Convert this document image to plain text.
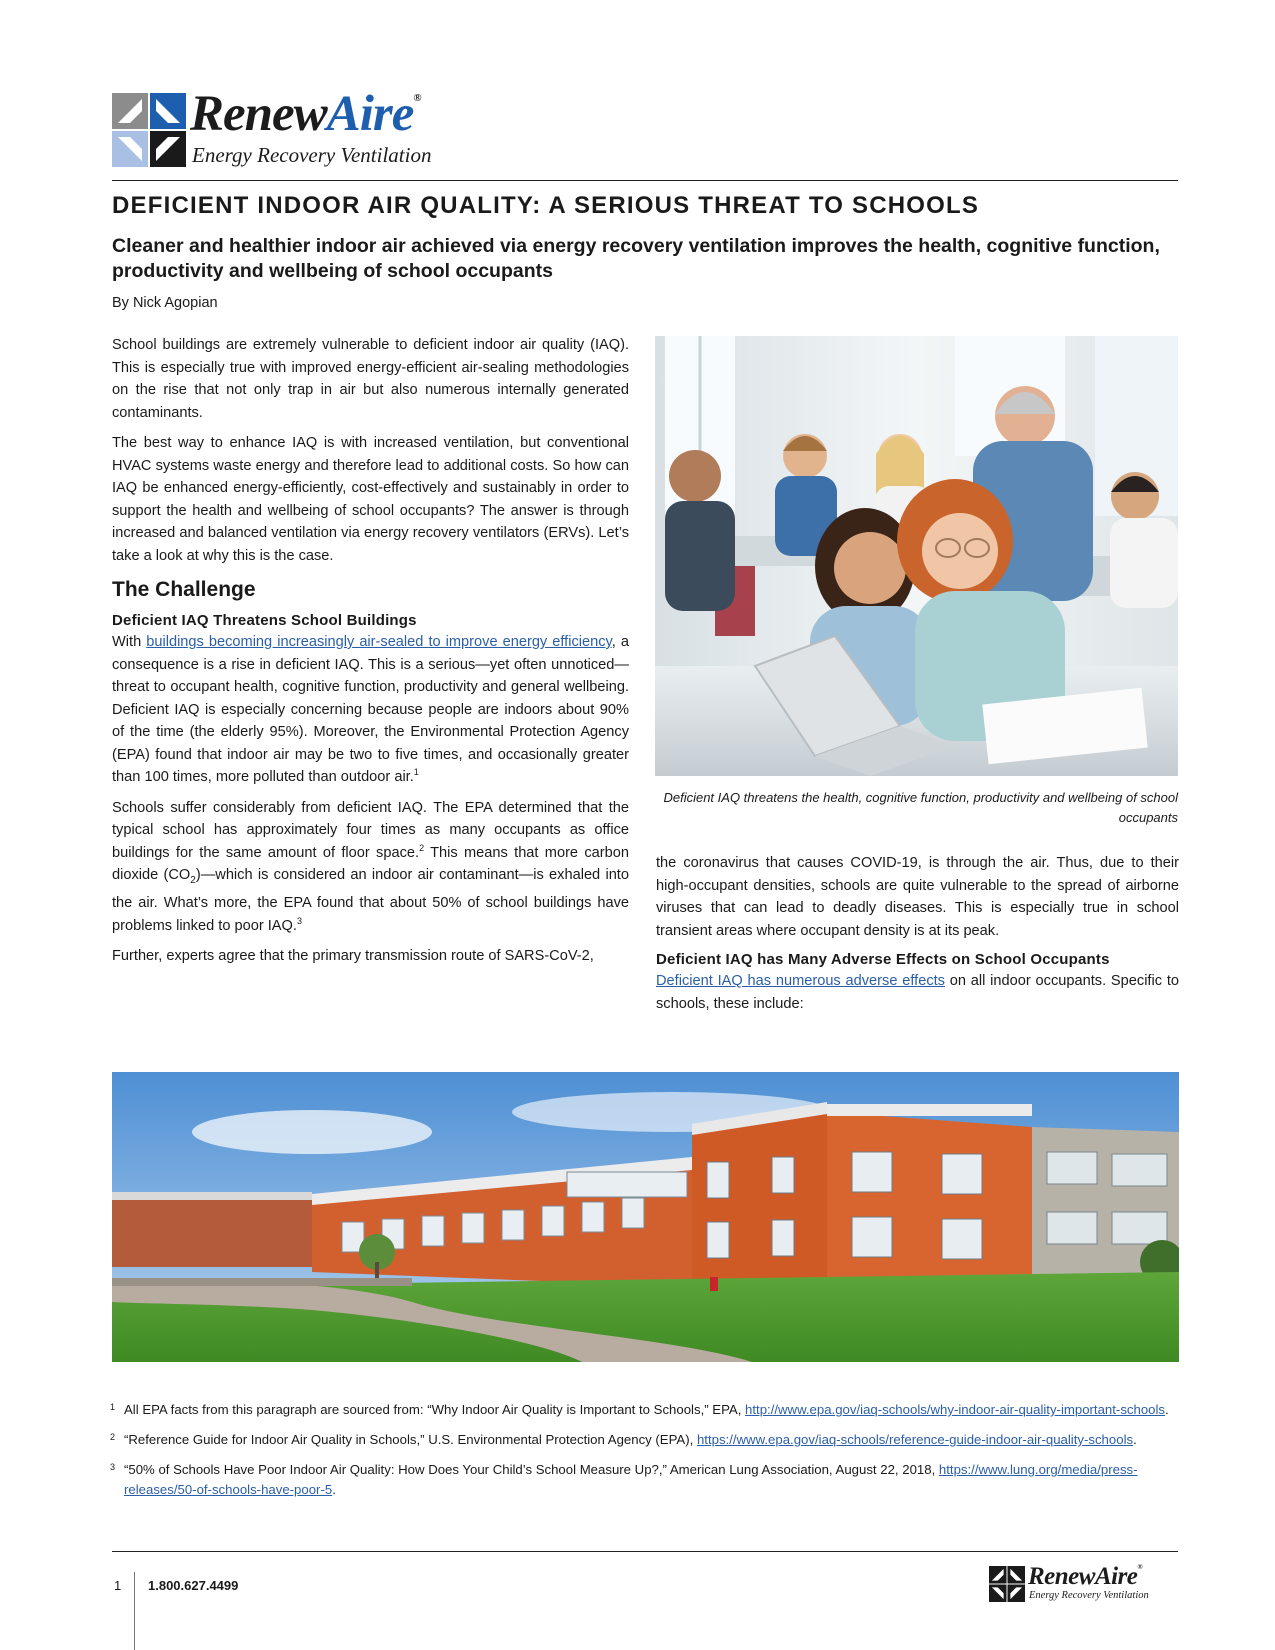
RenewAire®
Energy Recovery Ventilation
DEFICIENT INDOOR AIR QUALITY: A SERIOUS THREAT TO SCHOOLS
Cleaner and healthier indoor air achieved via energy recovery ventilation improves the health, cognitive function, productivity and wellbeing of school occupants
By Nick Agopian

School buildings are extremely vulnerable to deficient indoor air quality (IAQ). This is especially true with improved energy-efficient air-sealing methodologies on the rise that not only trap in air but also numerous internally generated contaminants.

The best way to enhance IAQ is with increased ventilation, but conventional HVAC systems waste energy and therefore lead to additional costs. So how can IAQ be enhanced energy-efficiently, cost-effectively and sustainably in order to support the health and wellbeing of school occupants? The answer is through increased and balanced ventilation via energy recovery ventilators (ERVs). Let’s take a look at why this is the case.

The Challenge
Deficient IAQ Threatens School Buildings

With buildings becoming increasingly air-sealed to improve energy efficiency, a consequence is a rise in deficient IAQ. This is a serious—yet often unnoticed—threat to occupant health, cognitive function, productivity and general wellbeing. Deficient IAQ is especially concerning because people are indoors about 90% of the time (the elderly 95%). Moreover, the Environmental Protection Agency (EPA) found that indoor air may be two to five times, and occasionally greater than 100 times, more polluted than outdoor air.$^1$

Schools suffer considerably from deficient IAQ. The EPA determined that the typical school has approximately four times as many occupants as office buildings for the same amount of floor space.$^2$ This means that more carbon dioxide $(CO_2)—which$ is considered an indoor air contaminant—is exhaled into the air. What’s more, the EPA found that about 50% of school buildings have problems linked to poor IAQ.$^3$

Further, experts agree that the primary transmission route of SARS-CoV-2,

Deficient IAQ threatens the health, cognitive function, productivity and wellbeing of school occupants

the coronavirus that causes COVID-19, is through the air. Thus, due to their high-occupant densities, schools are quite vulnerable to the spread of airborne viruses that can lead to deadly diseases. This is especially true in school transient areas where occupant density is at its peak.

Deficient IAQ has Many Adverse Effects on School Occupants

Deficient IAQ has numerous adverse effects on all indoor occupants. Specific to schools, these include:

1 All EPA facts from this paragraph are sourced from: “Why Indoor Air Quality is Important to Schools,” EPA, http://www.epa.gov/iaq-schools/why-indoor-air-quality-important-schools.
2 “Reference Guide for Indoor Air Quality in Schools,” U.S. Environmental Protection Agency (EPA), https://www.epa.gov/iaq-schools/reference-guide-indoor-air-quality-schools.
3 “50% of Schools Have Poor Indoor Air Quality: How Does Your Child’s School Measure Up?,” American Lung Association, August 22, 2018, https://www.lung.org/media/press-releases/50-of-schools-have-poor-5.
1 1.800.627.4499	RenewAire®
Energy Recovery Ventilation
